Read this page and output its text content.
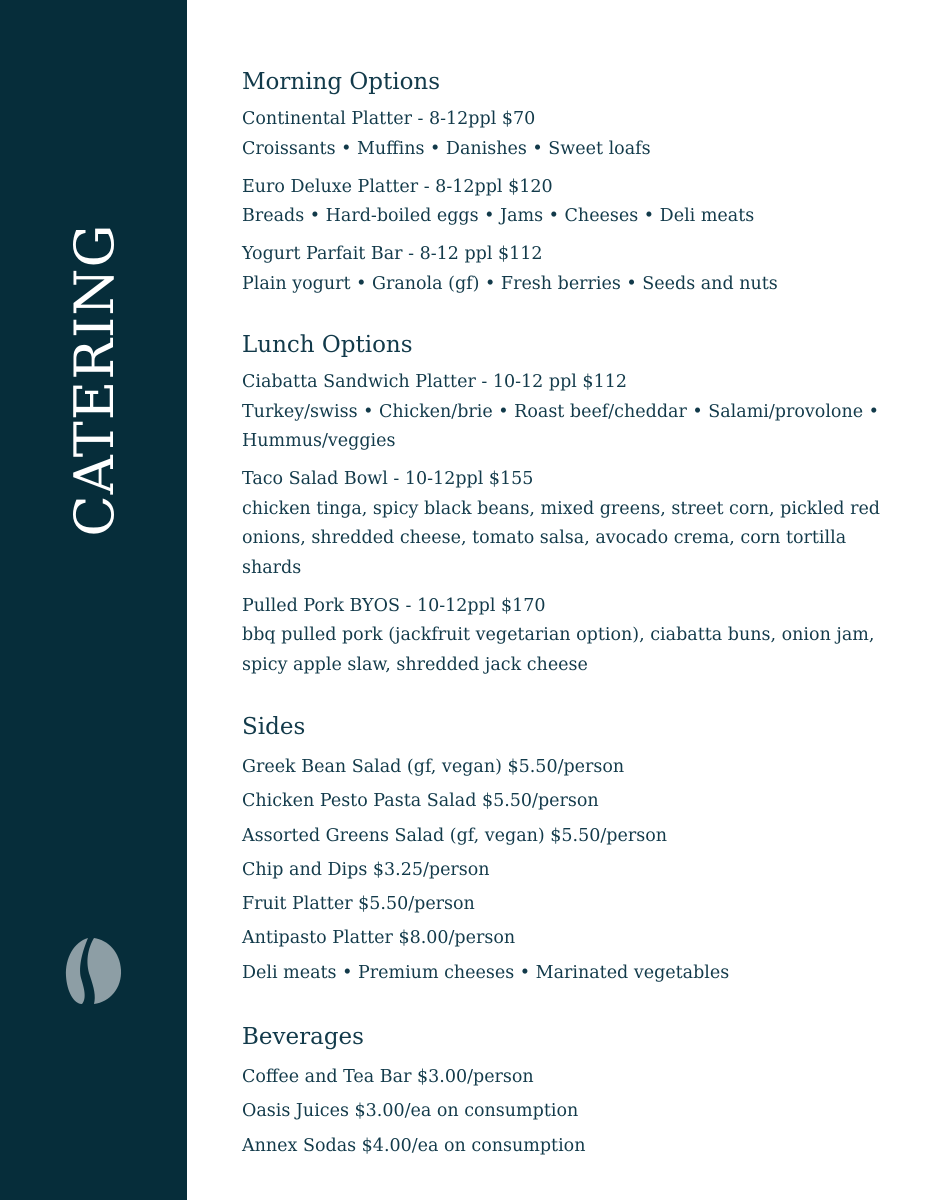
CATERING
Morning Options
Continental Platter - 8-12ppl $70
Croissants • Muffins • Danishes • Sweet loafs
Euro Deluxe Platter - 8-12ppl $120
Breads • Hard-boiled eggs • Jams • Cheeses • Deli meats
Yogurt Parfait Bar - 8-12 ppl $112
Plain yogurt • Granola (gf) • Fresh berries • Seeds and nuts
Lunch Options
Ciabatta Sandwich Platter - 10-12 ppl $112
Turkey/swiss • Chicken/brie • Roast beef/cheddar • Salami/provolone • Hummus/veggies
Taco Salad Bowl - 10-12ppl $155
chicken tinga, spicy black beans, mixed greens, street corn, pickled red onions, shredded cheese, tomato salsa, avocado crema, corn tortilla shards
Pulled Pork BYOS - 10-12ppl $170
bbq pulled pork (jackfruit vegetarian option), ciabatta buns, onion jam, spicy apple slaw, shredded jack cheese
Sides
Greek Bean Salad (gf, vegan) $5.50/person
Chicken Pesto Pasta Salad $5.50/person
Assorted Greens Salad (gf, vegan) $5.50/person
Chip and Dips $3.25/person
Fruit Platter $5.50/person
Antipasto Platter $8.00/person
Deli meats • Premium cheeses • Marinated vegetables
Beverages
Coffee and Tea Bar $3.00/person
Oasis Juices $3.00/ea on consumption
Annex Sodas $4.00/ea on consumption
